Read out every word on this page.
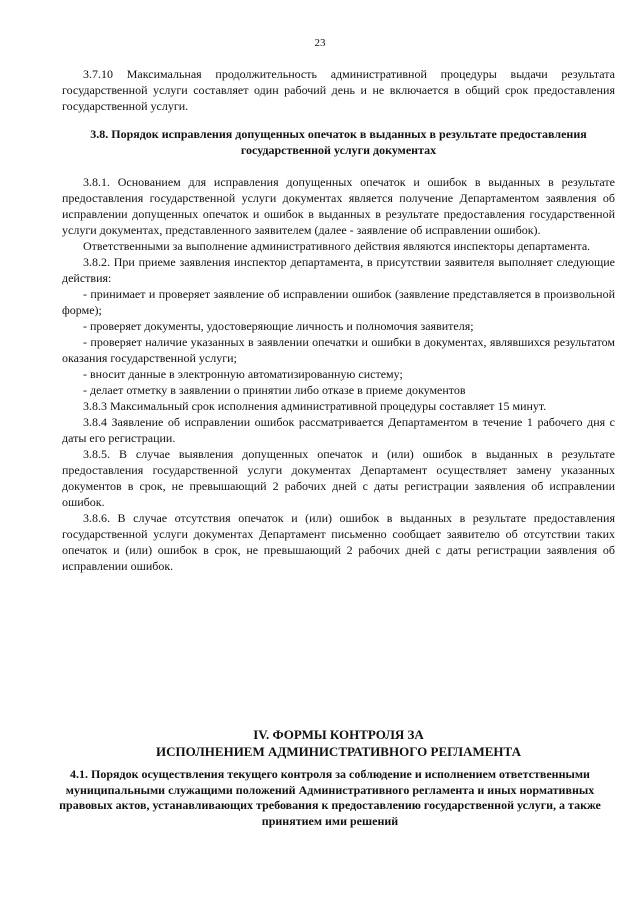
23

3.7.10 Максимальная продолжительность административной процедуры выдачи результата государственной услуги составляет один рабочий день и не включается в общий срок предоставления государственной услуги.

3.8. Порядок исправления допущенных опечаток в выданных в результате предоставления государственной услуги документах

3.8.1. Основанием для исправления допущенных опечаток и ошибок в выданных в результате предоставления государственной услуги документах является получение Департаментом заявления об исправлении допущенных опечаток и ошибок в выданных в результате предоставления государственной услуги документах, представленного заявителем (далее - заявление об исправлении ошибок).

Ответственными за выполнение административного действия являются инспекторы департамента.

3.8.2. При приеме заявления инспектор департамента, в присутствии заявителя выполняет следующие действия:

- принимает и проверяет заявление об исправлении ошибок (заявление представляется в произвольной форме);

- проверяет документы, удостоверяющие личность и полномочия заявителя;

- проверяет наличие указанных в заявлении опечатки и ошибки в документах, являвшихся результатом оказания государственной услуги;

- вносит данные в электронную автоматизированную систему;

- делает отметку в заявлении о принятии либо отказе в приеме документов

3.8.3 Максимальный срок исполнения административной процедуры составляет 15 минут.

3.8.4 Заявление об исправлении ошибок рассматривается Департаментом в течение 1 рабочего дня с даты его регистрации.

3.8.5. В случае выявления допущенных опечаток и (или) ошибок в выданных в результате предоставления государственной услуги документах Департамент осуществляет замену указанных документов в срок, не превышающий 2 рабочих дней с даты регистрации заявления об исправлении ошибок.

3.8.6. В случае отсутствия опечаток и (или) ошибок в выданных в результате предоставления государственной услуги документах Департамент письменно сообщает заявителю об отсутствии таких опечаток и (или) ошибок в срок, не превышающий 2 рабочих дней с даты регистрации заявления об исправлении ошибок.

IV. ФОРМЫ КОНТРОЛЯ ЗА
ИСПОЛНЕНИЕМ АДМИНИСТРАТИВНОГО РЕГЛАМЕНТА
4.1. Порядок осуществления текущего контроля за соблюдение и исполнением ответственными муниципальными служащими положений Административного регламента и иных нормативных правовых актов, устанавливающих требования к предоставлению государственной услуги, а также принятием ими решений
